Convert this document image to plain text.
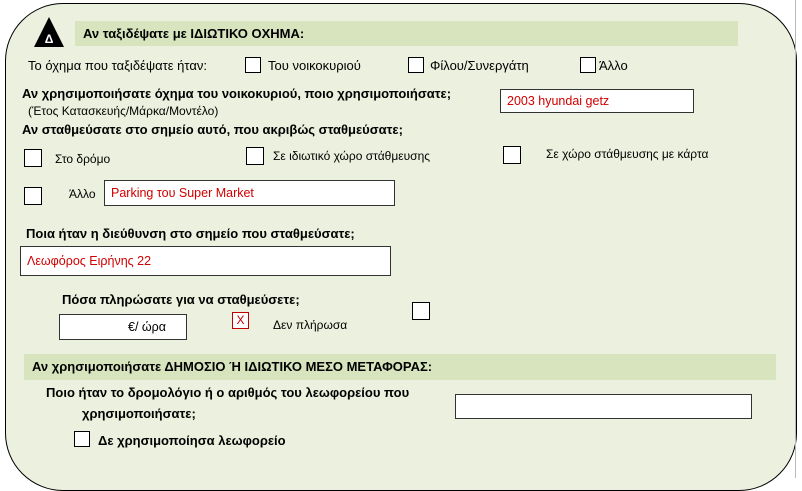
Αν ταξιδέψατε με ΙΔΙΩΤΙΚΟ ΟΧΗΜΑ:
Δ
Το όχημα που ταξιδέψατε ήταν:	Του νοικοκυριού	Φίλου/Συνεργάτη	Άλλο
Αν χρησιμοποιήσατε όχημα του νοικοκυριού, ποιο χρησιμοποιήσατε;
(Έτος Κατασκευής/Μάρκα/Μοντέλο)
2003 hyundai getz
Αν σταθμεύσατε στο σημείο αυτό, που ακριβώς σταθμεύσατε;
Στο δρόμο	Σε ιδιωτικό χώρο στάθμευσης	Σε χώρο στάθμευσης με κάρτα
Άλλο	Parking του Super Market
Ποια ήταν η διεύθυνση στο σημείο που σταθμεύσατε;
Λεωφόρος Ειρήνης 22
Πόσα πληρώσατε για να σταθμεύσετε;
€/ ώρα	X	Δεν πλήρωσα
Αν χρησιμοποιήσατε ΔΗΜΟΣΙΟ Ή ΙΔΙΩΤΙΚΟ ΜΕΣΟ ΜΕΤΑΦΟΡΑΣ:
Ποιο ήταν το δρομολόγιο ή ο αριθμός του λεωφορείου που
χρησιμοποιήσατε;
Δε χρησιμοποίησα λεωφορείο
